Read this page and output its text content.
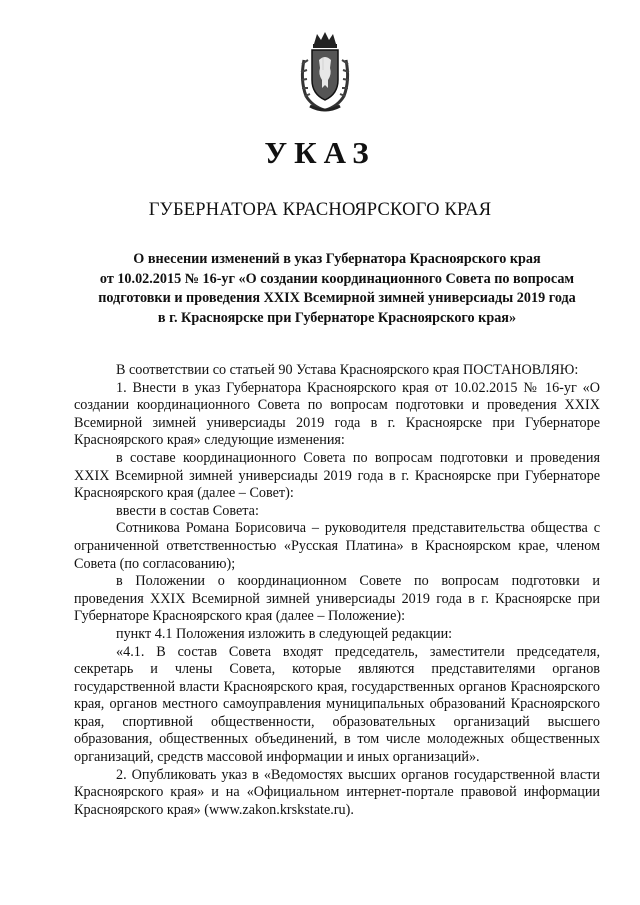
УКАЗ
ГУБЕРНАТОРА КРАСНОЯРСКОГО КРАЯ
О внесении изменений в указ Губернатора Красноярского края
от 10.02.2015 № 16-уг «О создании координационного Совета по вопросам
подготовки и проведения XXIX Всемирной зимней универсиады 2019 года
в г. Красноярске при Губернаторе Красноярского края»

В соответствии со статьей 90 Устава Красноярского края ПОСТАНОВЛЯЮ:

1. Внести в указ Губернатора Красноярского края от 10.02.2015 № 16-уг «О создании координационного Совета по вопросам подготовки и проведения XXIX Всемирной зимней универсиады 2019 года в г. Красноярске при Губернаторе Красноярского края» следующие изменения:

в составе координационного Совета по вопросам подготовки и проведения XXIX Всемирной зимней универсиады 2019 года в г. Красноярске при Губернаторе Красноярского края (далее – Совет):

ввести в состав Совета:

Сотникова Романа Борисовича – руководителя представительства общества с ограниченной ответственностью «Русская Платина» в Красноярском крае, членом Совета (по согласованию);

в Положении о координационном Совете по вопросам подготовки и проведения XXIX Всемирной зимней универсиады 2019 года в г. Красноярске при Губернаторе Красноярского края (далее – Положение):

пункт 4.1 Положения изложить в следующей редакции:

«4.1. В состав Совета входят председатель, заместители председателя, секретарь и члены Совета, которые являются представителями органов государственной власти Красноярского края, государственных органов Красноярского края, органов местного самоуправления муниципальных образований Красноярского края, спортивной общественности, образовательных организаций высшего образования, общественных объединений, в том числе молодежных общественных организаций, средств массовой информации и иных организаций».

2. Опубликовать указ в «Ведомостях высших органов государственной власти Красноярского края» и на «Официальном интернет-портале правовой информации Красноярского края» (www.zakon.krskstate.ru).
